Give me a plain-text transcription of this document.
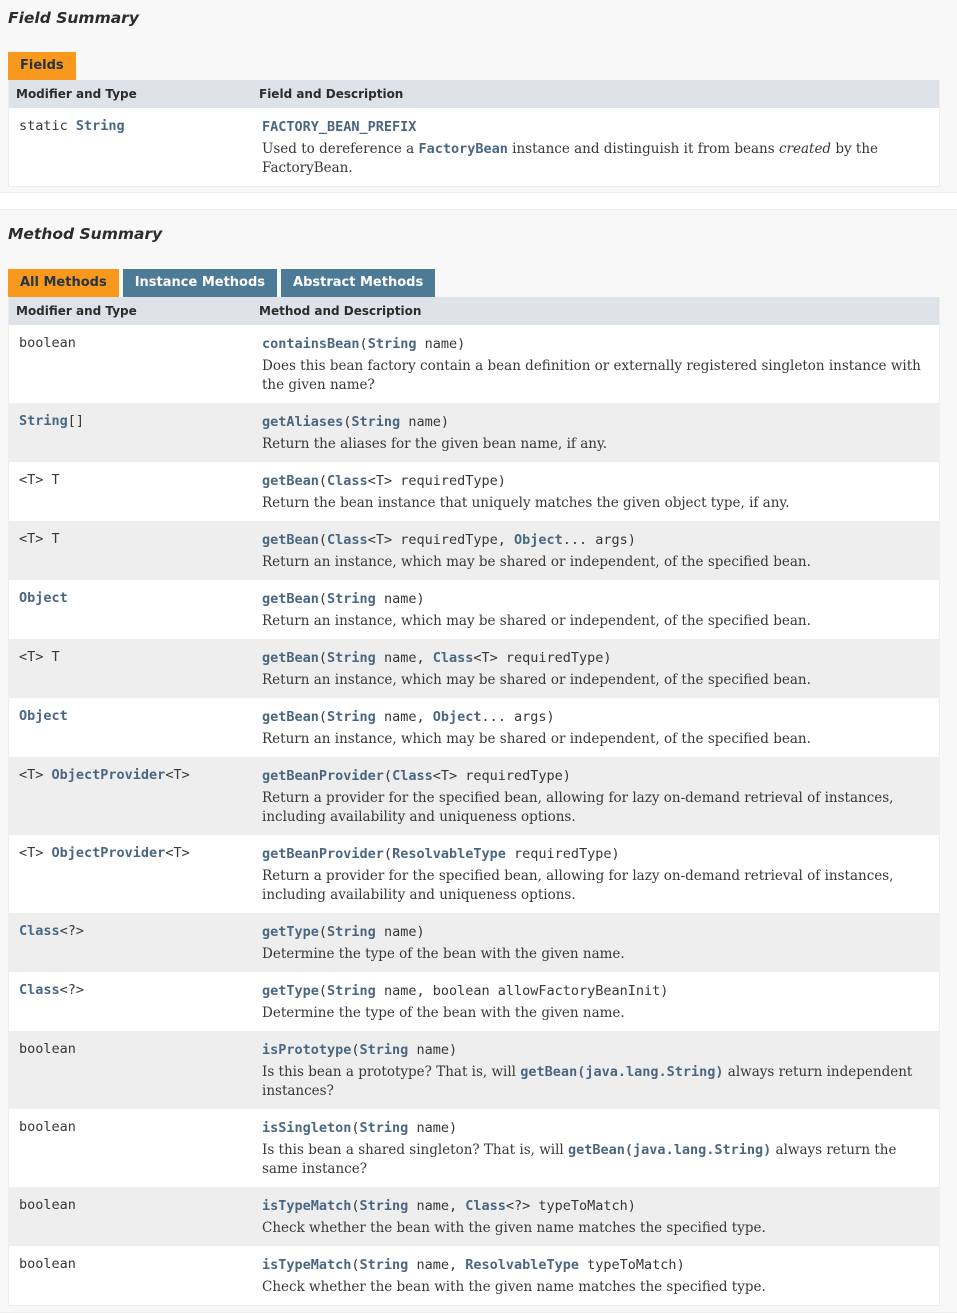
Field Summary
Fields
Modifier and Type	Field and Description
static String	FACTORY_BEAN_PREFIX
Used to dereference a FactoryBean instance and distinguish it from beans created by the FactoryBean.
Method Summary
All Methods	Instance Methods	Abstract Methods
Modifier and Type	Method and Description
boolean	containsBean(String name)
Does this bean factory contain a bean definition or externally registered singleton instance with the given name?

String[]	getAliases(String name)
Return the aliases for the given bean name, if any.

<T> T	getBean(Class<T> requiredType)
Return the bean instance that uniquely matches the given object type, if any.

<T> T	getBean(Class<T> requiredType, Object... args)
Return an instance, which may be shared or independent, of the specified bean.

Object	getBean(String name)
Return an instance, which may be shared or independent, of the specified bean.

<T> T	getBean(String name, Class<T> requiredType)
Return an instance, which may be shared or independent, of the specified bean.

Object	getBean(String name, Object... args)
Return an instance, which may be shared or independent, of the specified bean.

<T> ObjectProvider<T>	getBeanProvider(Class<T> requiredType)
Return a provider for the specified bean, allowing for lazy on-demand retrieval of instances, including availability and uniqueness options.

<T> ObjectProvider<T>	getBeanProvider(ResolvableType requiredType)
Return a provider for the specified bean, allowing for lazy on-demand retrieval of instances, including availability and uniqueness options.

Class<?>	getType(String name)
Determine the type of the bean with the given name.

Class<?>	getType(String name, boolean allowFactoryBeanInit)
Determine the type of the bean with the given name.

boolean	isPrototype(String name)
Is this bean a prototype? That is, will getBean(java.lang.String) always return independent instances?

boolean	isSingleton(String name)
Is this bean a shared singleton? That is, will getBean(java.lang.String) always return the same instance?

boolean	isTypeMatch(String name, Class<?> typeToMatch)
Check whether the bean with the given name matches the specified type.

boolean	isTypeMatch(String name, ResolvableType typeToMatch)
Check whether the bean with the given name matches the specified type.
